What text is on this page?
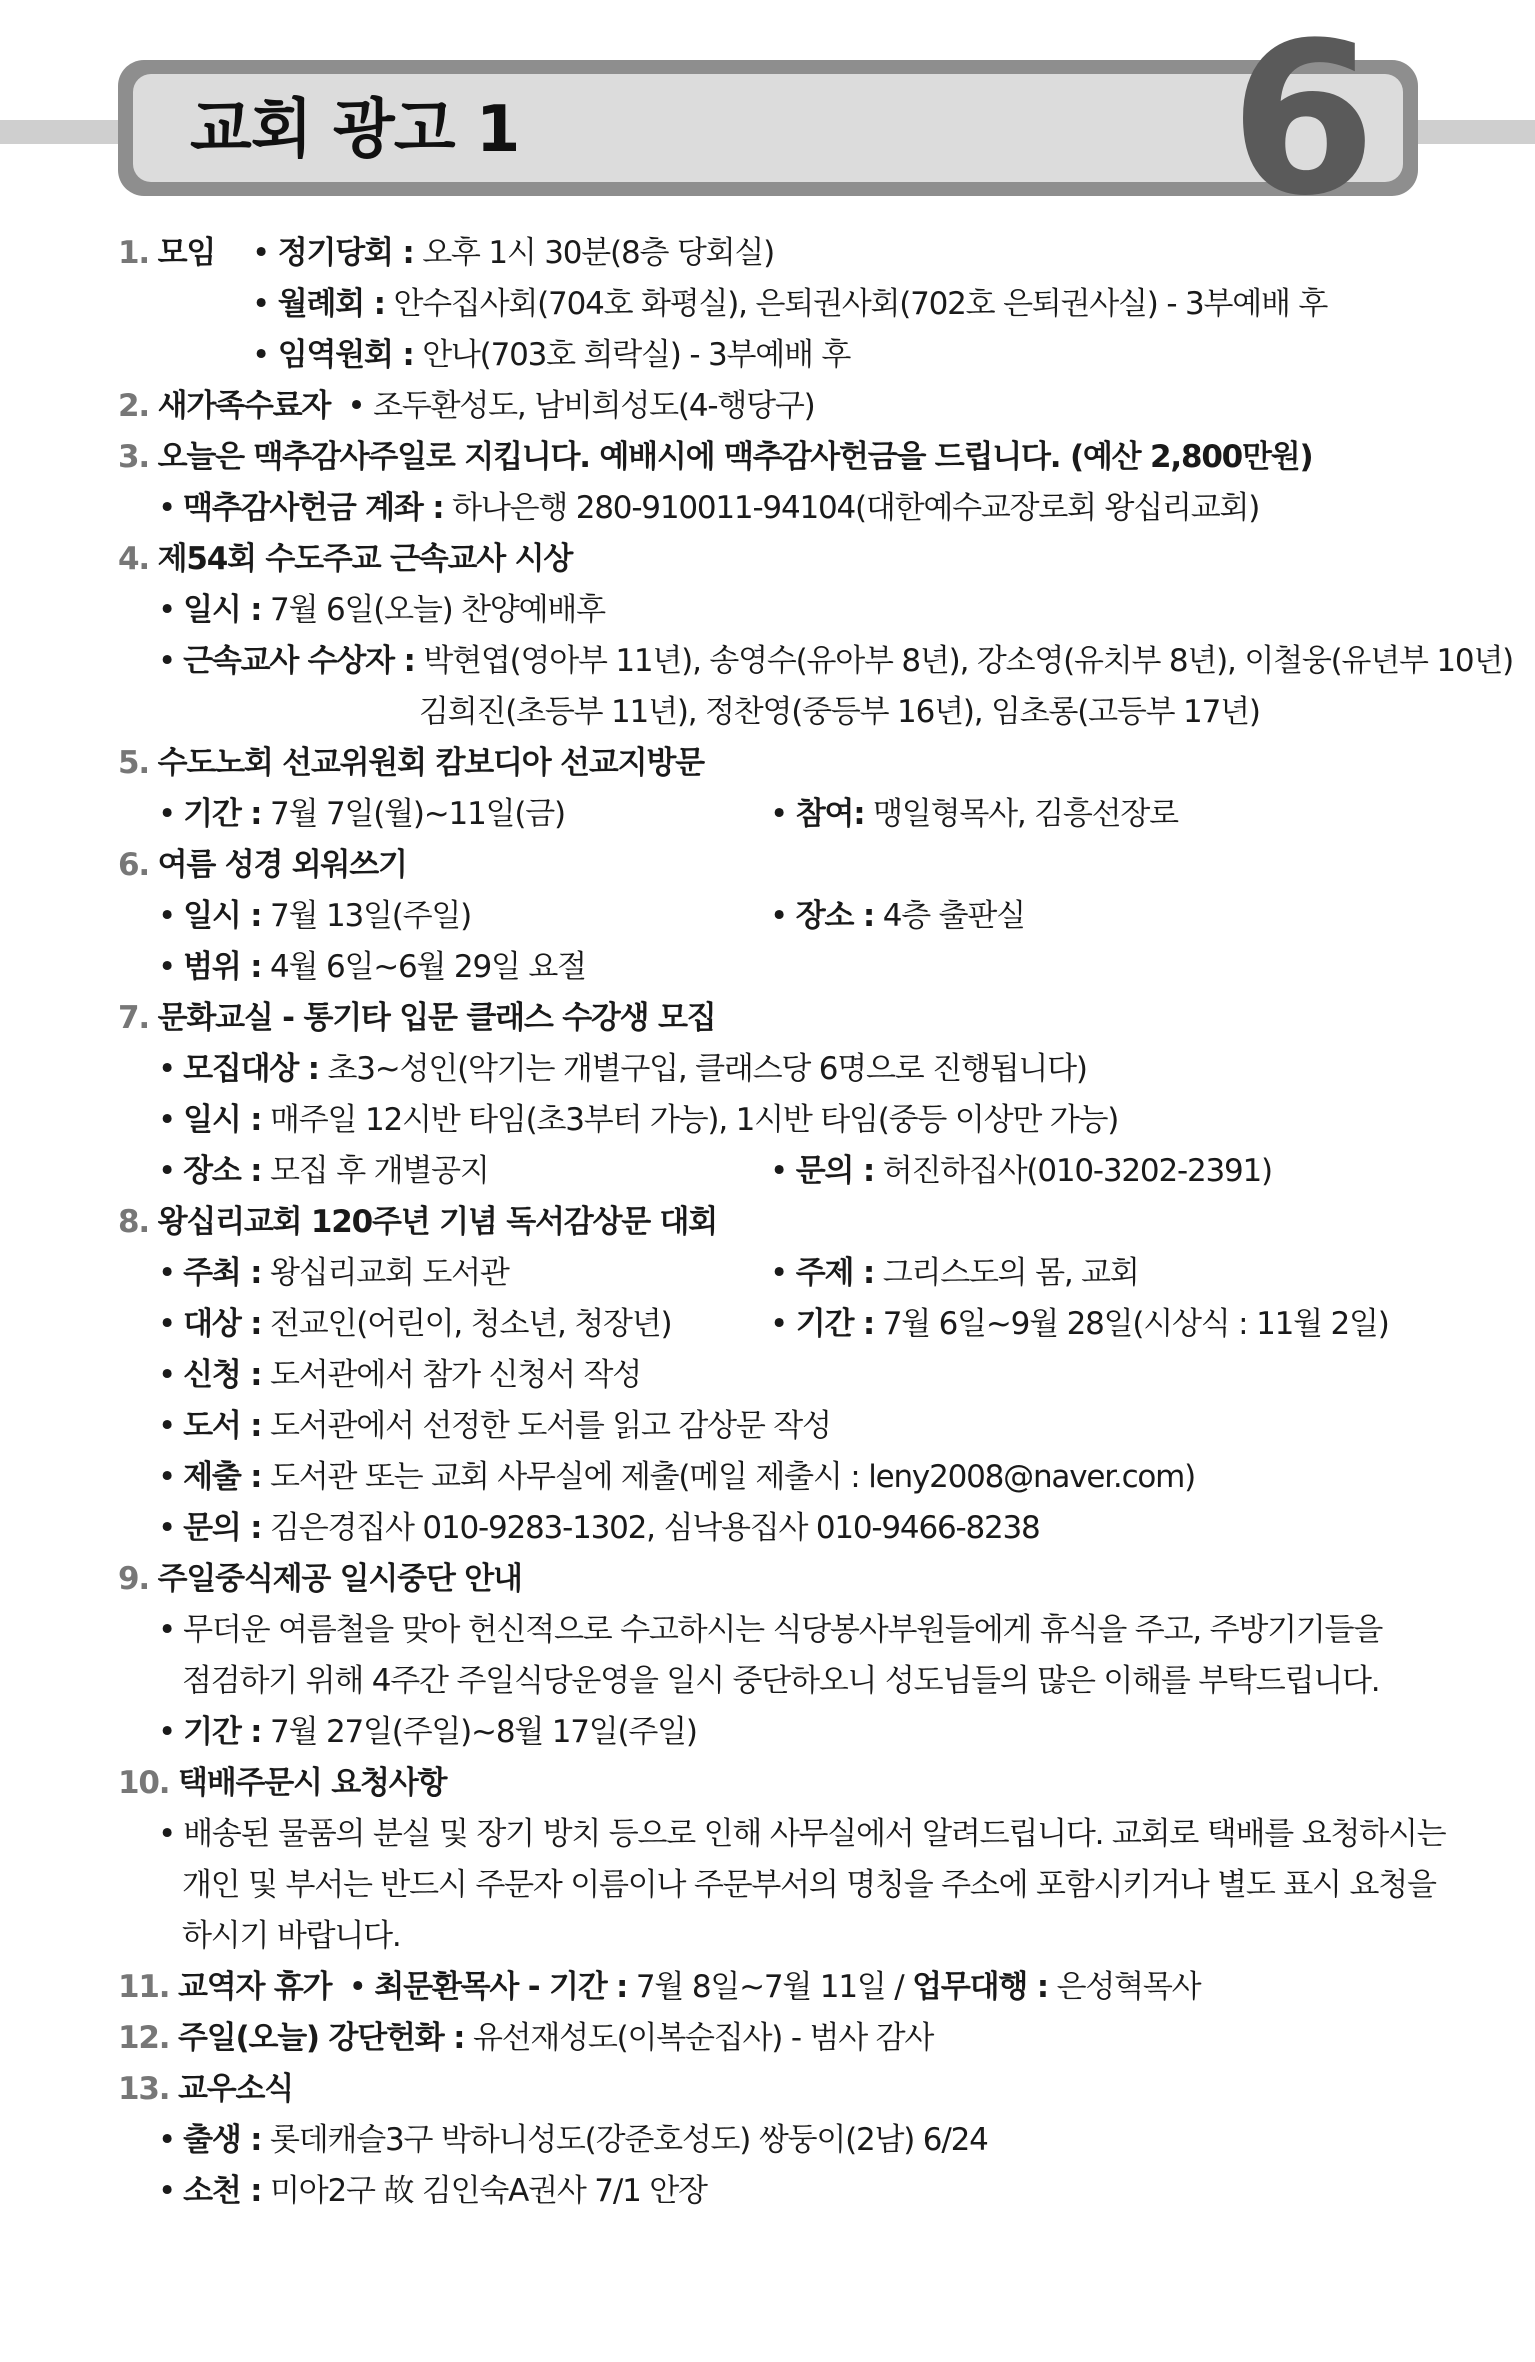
교회 광고 1	6
1. 모임 • 정기당회 : 오후 1시 30분(8층 당회실)
• 월례회 : 안수집사회(704호 화평실), 은퇴권사회(702호 은퇴권사실) - 3부예배 후
• 임역원회 : 안나(703호 희락실) - 3부예배 후
2. 새가족수료자  • 조두환성도, 남비희성도(4-행당구)
3. 오늘은 맥추감사주일로 지킵니다. 예배시에 맥추감사헌금을 드립니다. (예산 2,800만원)
• 맥추감사헌금 계좌 : 하나은행 280-910011-94104(대한예수교장로회 왕십리교회)
4. 제54회 수도주교 근속교사 시상
• 일시 : 7월 6일(오늘) 찬양예배후
• 근속교사 수상자 : 박현엽(영아부 11년), 송영수(유아부 8년), 강소영(유치부 8년), 이철웅(유년부 10년)
김희진(초등부 11년), 정찬영(중등부 16년), 임초롱(고등부 17년)
5. 수도노회 선교위원회 캄보디아 선교지방문
• 기간 : 7월 7일(월)~11일(금)	• 참여: 맹일형목사, 김흥선장로
6. 여름 성경 외워쓰기
• 일시 : 7월 13일(주일)	• 장소 : 4층 출판실
• 범위 : 4월 6일~6월 29일 요절
7. 문화교실 - 통기타 입문 클래스 수강생 모집
• 모집대상 : 초3~성인(악기는 개별구입, 클래스당 6명으로 진행됩니다)
• 일시 : 매주일 12시반 타임(초3부터 가능), 1시반 타임(중등 이상만 가능)
• 장소 : 모집 후 개별공지	• 문의 : 허진하집사(010-3202-2391)
8. 왕십리교회 120주년 기념 독서감상문 대회
• 주최 : 왕십리교회 도서관	• 주제 : 그리스도의 몸, 교회
• 대상 : 전교인(어린이, 청소년, 청장년)	• 기간 : 7월 6일~9월 28일(시상식 : 11월 2일)
• 신청 : 도서관에서 참가 신청서 작성
• 도서 : 도서관에서 선정한 도서를 읽고 감상문 작성
• 제출 : 도서관 또는 교회 사무실에 제출(메일 제출시 : leny2008@naver.com)
• 문의 : 김은경집사 010-9283-1302, 심낙용집사 010-9466-8238
9. 주일중식제공 일시중단 안내
• 무더운 여름철을 맞아 헌신적으로 수고하시는 식당봉사부원들에게 휴식을 주고, 주방기기들을
점검하기 위해 4주간 주일식당운영을 일시 중단하오니 성도님들의 많은 이해를 부탁드립니다.
• 기간 : 7월 27일(주일)~8월 17일(주일)
10. 택배주문시 요청사항
• 배송된 물품의 분실 및 장기 방치 등으로 인해 사무실에서 알려드립니다. 교회로 택배를 요청하시는
개인 및 부서는 반드시 주문자 이름이나 주문부서의 명칭을 주소에 포함시키거나 별도 표시 요청을
하시기 바랍니다.
11. 교역자 휴가  • 최문환목사 - 기간 : 7월 8일~7월 11일 / 업무대행 : 은성혁목사
12. 주일(오늘) 강단헌화 : 유선재성도(이복순집사) - 범사 감사
13. 교우소식
• 출생 : 롯데캐슬3구 박하니성도(강준호성도) 쌍둥이(2남) 6/24
• 소천 : 미아2구 故 김인숙A권사 7/1 안장
